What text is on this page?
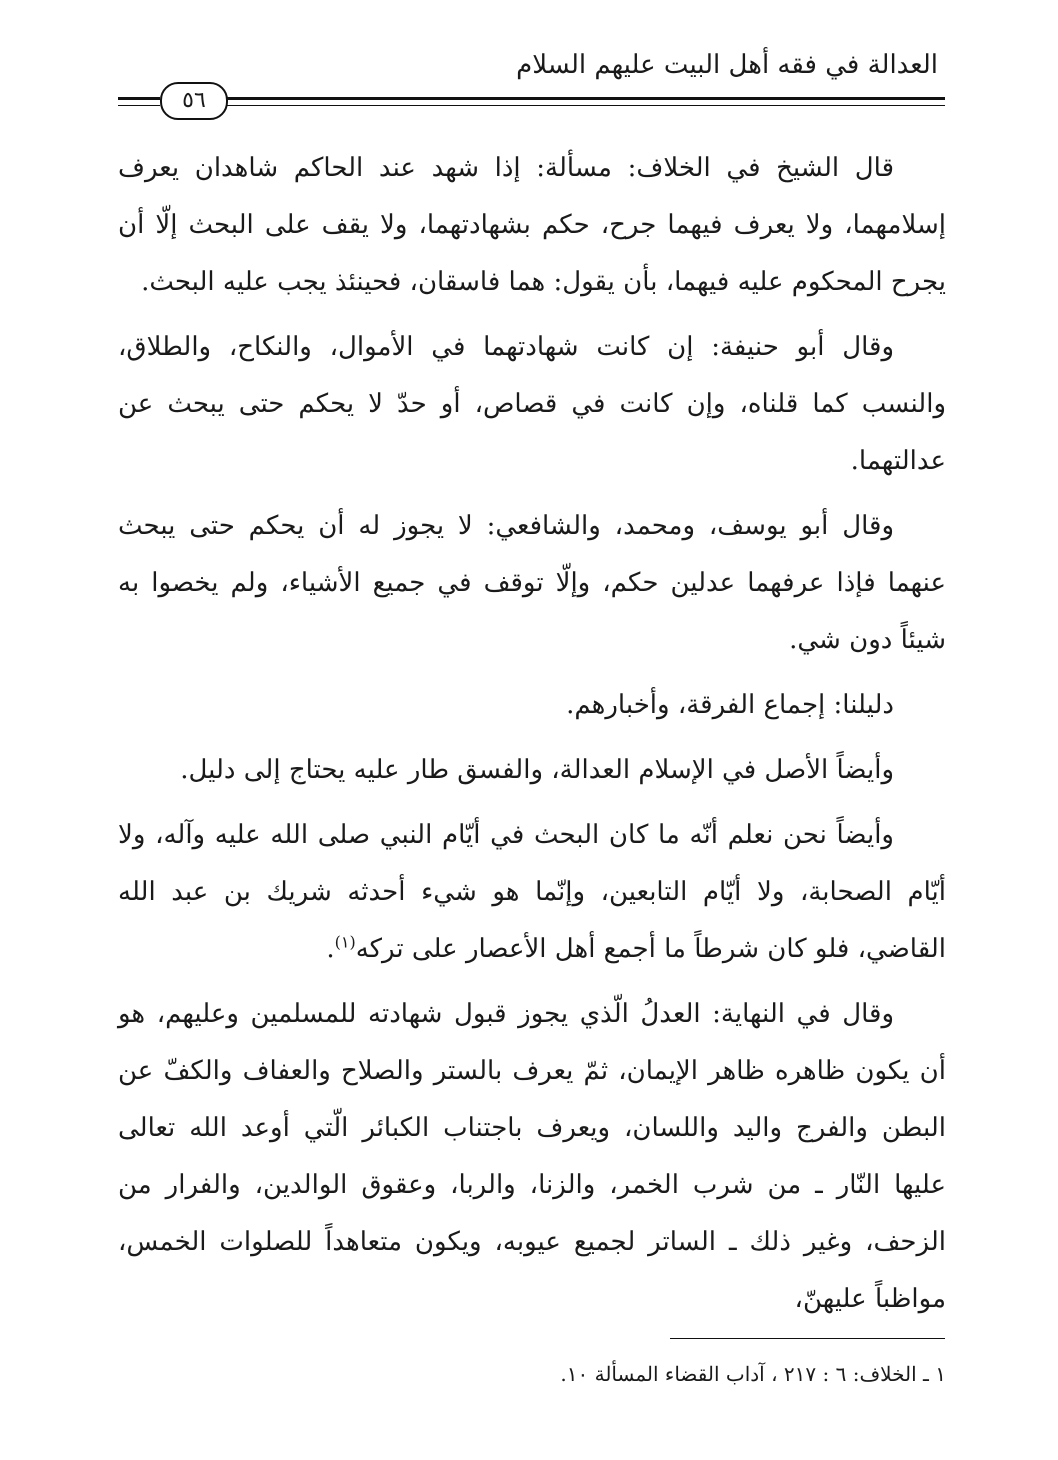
العدالة في فقه أهل البيت عليهم السلام
٥٦

قال الشيخ في الخلاف: مسألة: إذا شهد عند الحاكم شاهدان يعرف إسلامهما، ولا يعرف فيهما جرح، حكم بشهادتهما، ولا يقف على البحث إلّا أن يجرح المحكوم عليه فيهما، بأن يقول: هما فاسقان، فحينئذ يجب عليه البحث.

وقال أبو حنيفة: إن كانت شهادتهما في الأموال، والنكاح، والطلاق، والنسب كما قلناه، وإن كانت في قصاص، أو حدّ لا يحكم حتى يبحث عن عدالتهما.

وقال أبو يوسف، ومحمد، والشافعي: لا يجوز له أن يحكم حتى يبحث عنهما فإذا عرفهما عدلين حكم، وإلّا توقف في جميع الأشياء، ولم يخصوا به شيئاً دون شي.

دليلنا: إجماع الفرقة، وأخبارهم.

وأيضاً الأصل في الإسلام العدالة، والفسق طار عليه يحتاج إلى دليل.

وأيضاً نحن نعلم أنّه ما كان البحث في أيّام النبي صلى الله عليه وآله، ولا أيّام الصحابة، ولا أيّام التابعين، وإنّما هو شيء أحدثه شريك بن عبد الله القاضي، فلو كان شرطاً ما أجمع أهل الأعصار على تركه$^{(١)}$.

وقال في النهاية: العدلُ الّذي يجوز قبول شهادته للمسلمين وعليهم، هو أن يكون ظاهره ظاهر الإيمان، ثمّ يعرف بالستر والصلاح والعفاف والكفّ عن البطن والفرج واليد واللسان، ويعرف باجتناب الكبائر الّتي أوعد الله تعالى عليها النّار ـ من شرب الخمر، والزنا، والربا، وعقوق الوالدين، والفرار من الزحف، وغير ذلك ـ الساتر لجميع عيوبه، ويكون متعاهداً للصلوات الخمس، مواظباً عليهنّ،

١ ـ الخلاف: ٦ : ٢١٧ ، آداب القضاء المسألة ١٠.
